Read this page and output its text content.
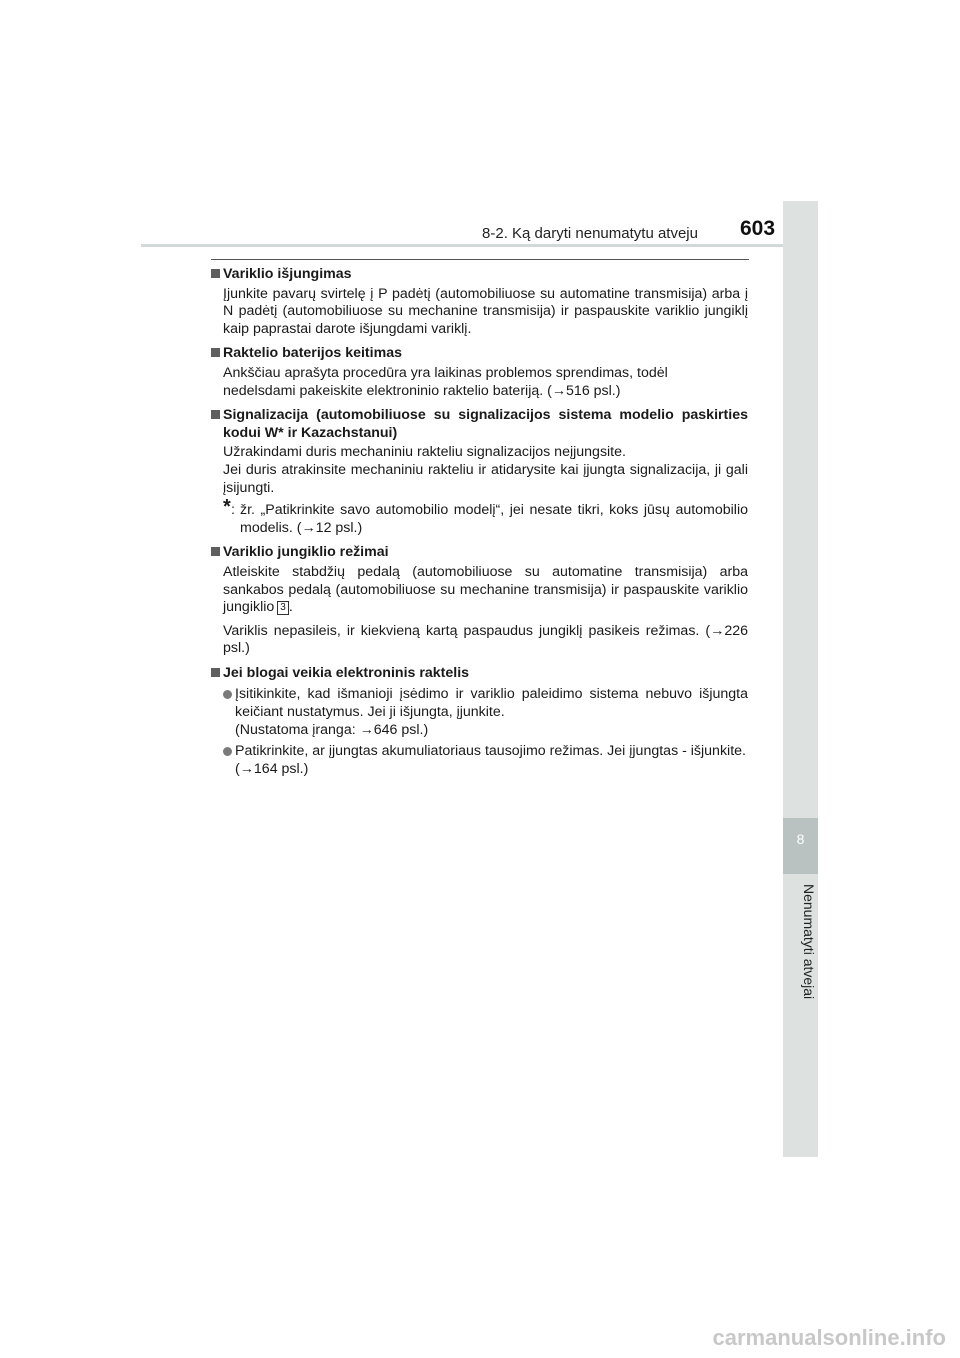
8-2. Ką daryti nenumatytu atveju 603
8
Nenumatyti atvejai
Variklio išjungimas
Įjunkite pavarų svirtelę į P padėtį (automobiliuose su automatine transmisija) arba į N padėtį (automobiliuose su mechanine transmisija) ir paspauskite variklio jungiklį kaip paprastai darote išjungdami variklį.
Raktelio baterijos keitimas
Ankščiau aprašyta procedūra yra laikinas problemos sprendimas, todėl
nedelsdami pakeiskite elektroninio raktelio bateriją. (→516 psl.)
Signalizacija (automobiliuose su signalizacijos sistema modelio paskirties kodui W* ir Kazachstanui)
Užrakindami duris mechaniniu rakteliu signalizacijos neįjungsite.
Jei duris atrakinsite mechaniniu rakteliu ir atidarysite kai įjungta signalizacija, ji gali įsijungti.
* : žr. „Patikrinkite savo automobilio modelį“, jei nesate tikri, koks jūsų automobilio modelis. (→12 psl.)
Variklio jungiklio režimai
Atleiskite stabdžių pedalą (automobiliuose su automatine transmisija) arba sankabos pedalą (automobiliuose su mechanine transmisija) ir paspauskite variklio jungiklio 3 .
Variklis nepasileis, ir kiekvieną kartą paspaudus jungiklį pasikeis režimas. (→226 psl.)
Jei blogai veikia elektroninis raktelis
Įsitikinkite, kad išmanioji įsėdimo ir variklio paleidimo sistema nebuvo išjungta keičiant nustatymus. Jei ji išjungta, įjunkite.
(Nustatoma įranga: →646 psl.)
Patikrinkite, ar įjungtas akumuliatoriaus tausojimo režimas. Jei įjungtas - išjunkite.
(→164 psl.)
carmanualsonline.info
